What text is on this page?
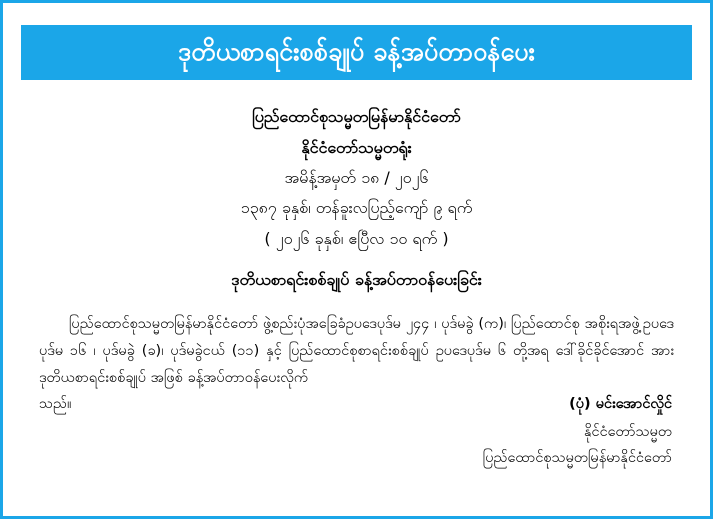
ဒုတိယစာရင်းစစ်ချုပ် ခန့်အပ်တာဝန်ပေး
ပြည်ထောင်စုသမ္မတမြန်မာနိုင်ငံတော်
နိုင်ငံတော်သမ္မတရုံး
အမိန့်အမှတ် ၁၈ / ၂၀၂၆
၁၃၈၇ ခုနှစ်၊ တန်ခူးလပြည့်ကျော် ၉ ရက်
( ၂၀၂၆ ခုနှစ်၊ ဧပြီလ ၁၀ ရက် )
ဒုတိယစာရင်းစစ်ချုပ် ခန့်အပ်တာဝန်ပေးခြင်း
ပြည်ထောင်စုသမ္မတမြန်မာနိုင်ငံတော် ဖွဲ့စည်းပုံအခြေခံဥပဒေပုဒ်မ ၂၄၄ ၊ ပုဒ်မခွဲ (က)၊ ပြည်ထောင်စု အစိုးရအဖွဲ့ဥပဒေပုဒ်မ ၁၆ ၊ ပုဒ်မခွဲ (ခ)၊ ပုဒ်မခွဲငယ် (၁၁) နှင့် ပြည်ထောင်စုစာရင်းစစ်ချုပ် ဥပဒေပုဒ်မ ၆ တို့အရ ဒေါ်ခိုင်ခိုင်အောင် အား ဒုတိယစာရင်းစစ်ချုပ် အဖြစ် ခန့်အပ်တာဝန်ပေးလိုက်
သည်။	(ပုံ) မင်းအောင်လှိုင်
နိုင်ငံတော်သမ္မတ
ပြည်ထောင်စုသမ္မတမြန်မာနိုင်ငံတော်
